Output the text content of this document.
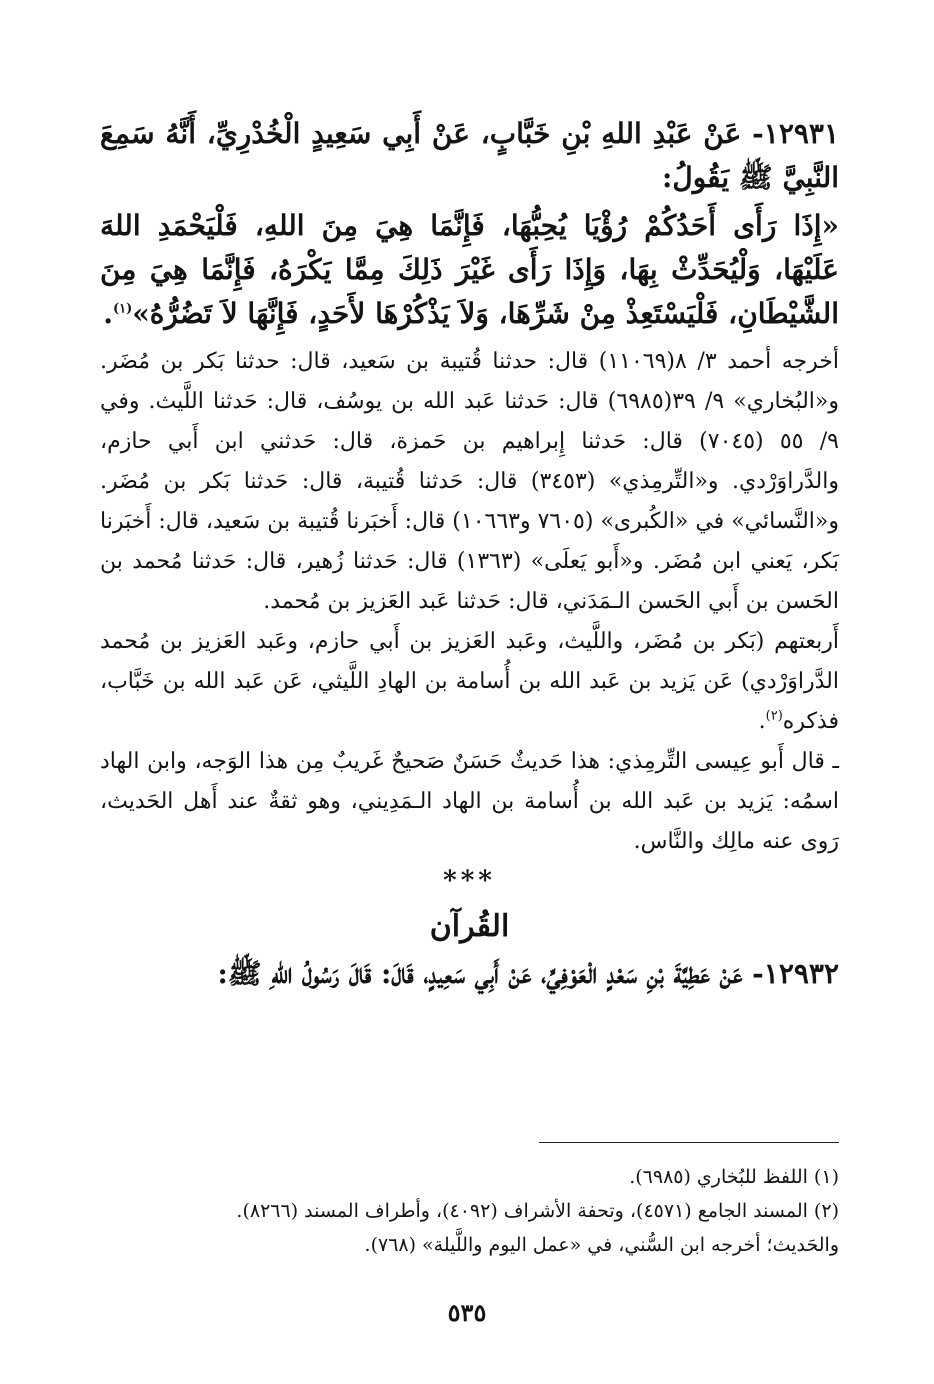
١٢٩٣١- عَنْ عَبْدِ اللهِ بْنِ خَبَّابٍ، عَنْ أَبِي سَعِيدٍ الْخُدْرِيِّ، أَنَّهُ سَمِعَ النَّبِيَّ ﷺ يَقُولُ:

«إِذَا رَأَى أَحَدُكُمْ رُؤْيَا يُحِبُّهَا، فَإِنَّمَا هِيَ مِنَ اللهِ، فَلْيَحْمَدِ اللهَ عَلَيْهَا، وَلْيُحَدِّثْ بِهَا، وَإِذَا رَأَى غَيْرَ ذَلِكَ مِمَّا يَكْرَهُ، فَإِنَّمَا هِيَ مِنَ الشَّيْطَانِ، فَلْيَسْتَعِذْ مِنْ شَرِّهَا، وَلاَ يَذْكُرْهَا لأَحَدٍ، فَإِنَّهَا لاَ تَضُرُّهُ»$^{(١)}$.

أخرجه أحمد ٣/ ٨(١١٠٦٩) قال: حدثنا قُتيبة بن سَعيد، قال: حدثنا بَكر بن مُضَر. و«البُخاري» ٩/ ٣٩(٦٩٨٥) قال: حَدثنا عَبد الله بن يوسُف، قال: حَدثنا اللَّيث. وفي ٩/ ٥٥ (٧٠٤٥) قال: حَدثنا إِبراهيم بن حَمزة، قال: حَدثني ابن أَبي حازم، والدَّراوَرْدي. و«التِّرمِذي» (٣٤٥٣) قال: حَدثنا قُتيبة، قال: حَدثنا بَكر بن مُضَر. و«النَّسائي» في «الكُبرى» (٧٦٠٥ و١٠٦٦٣) قال: أَخبَرنا قُتيبة بن سَعيد، قال: أَخبَرنا بَكر، يَعني ابن مُضَر. و«أَبو يَعلَى» (١٣٦٣) قال: حَدثنا زُهير، قال: حَدثنا مُحمد بن الحَسن بن أَبي الحَسن الـمَدَني، قال: حَدثنا عَبد العَزيز بن مُحمد.

أَربعتهم (بَكر بن مُضَر، واللَّيث، وعَبد العَزيز بن أَبي حازم، وعَبد العَزيز بن مُحمد الدَّراوَرْدي) عَن يَزيد بن عَبد الله بن أُسامة بن الهادِ اللَّيثي، عَن عَبد الله بن خَبَّاب، فذكره$^{(٢)}$.

ـ قال أَبو عِيسى التِّرمِذي: هذا حَديثٌ حَسَنٌ صَحيحٌ غَريبٌ مِن هذا الوَجه، وابن الهاد اسمُه: يَزيد بن عَبد الله بن أُسامة بن الهاد الـمَدِيني، وهو ثقةٌ عند أَهل الحَديث، رَوى عنه مالِك والنَّاس.

***
القُرآن

١٢٩٣٢- عَنْ عَطِيَّةَ بْنِ سَعْدٍ الْعَوْفِيِّ، عَنْ أَبِي سَعِيدٍ، قَالَ: قَالَ رَسُولُ اللهِ ﷺ:

(١) اللفظ للبُخاري (٦٩٨٥).

(٢) المسند الجامع (٤٥٧١)، وتحفة الأشراف (٤٠٩٢)، وأطراف المسند (٨٢٦٦).

والحَديث؛ أخرجه ابن السُّني، في «عمل اليوم واللَّيلة» (٧٦٨).

٥٣٥
